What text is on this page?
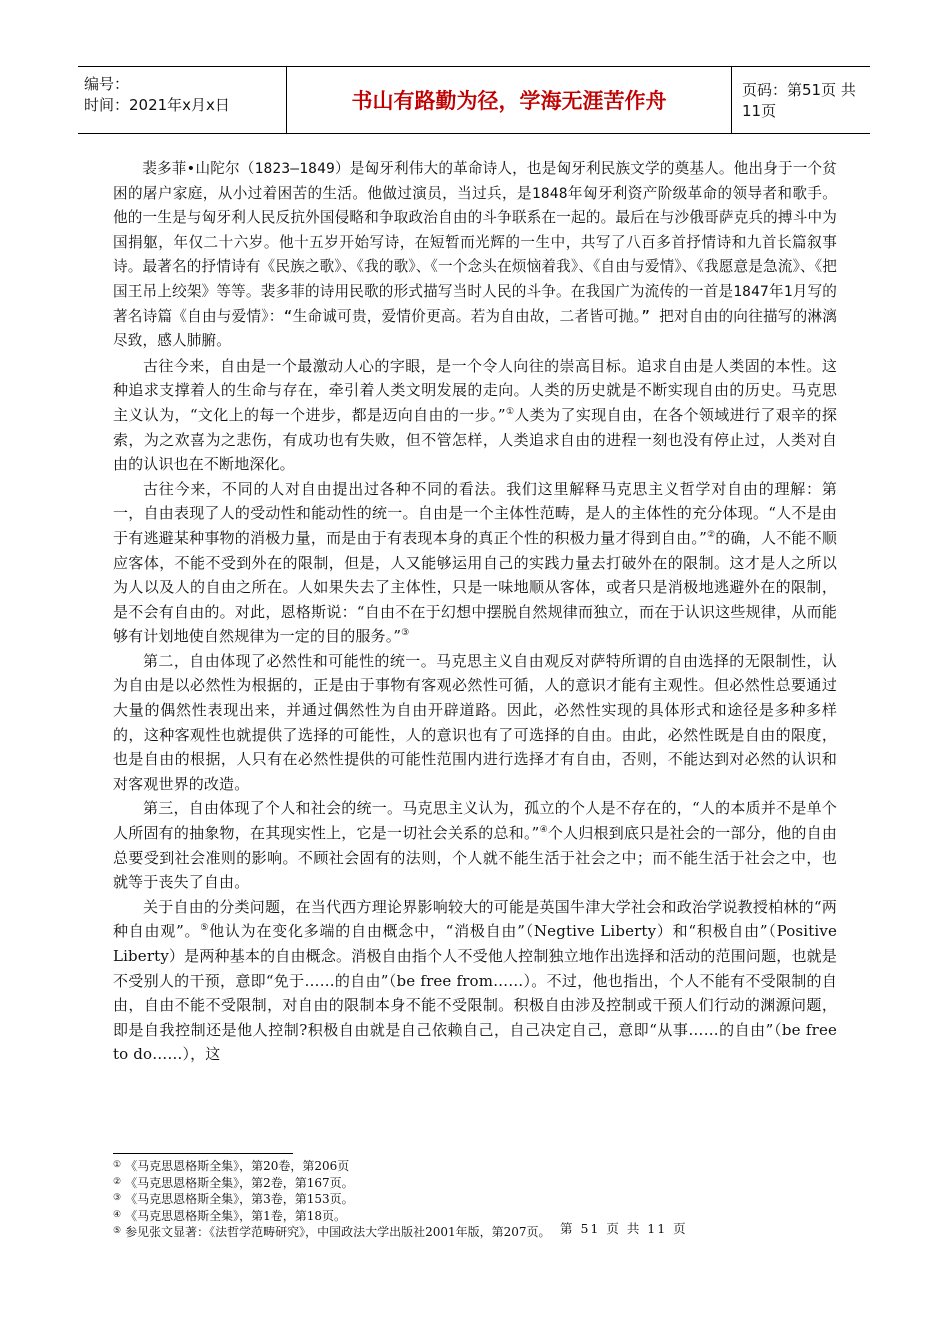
编号：
时间：2021年x月x日	书山有路勤为径，学海无涯苦作舟	页码：第51页 共11页

裴多菲•山陀尔（1823—1849）是匈牙利伟大的革命诗人，也是匈牙利民族文学的奠基人。他出身于一个贫困的屠户家庭，从小过着困苦的生活。他做过演员，当过兵，是1848年匈牙利资产阶级革命的领导者和歌手。他的一生是与匈牙利人民反抗外国侵略和争取政治自由的斗争联系在一起的。最后在与沙俄哥萨克兵的搏斗中为国捐躯，年仅二十六岁。他十五岁开始写诗，在短暂而光辉的一生中，共写了八百多首抒情诗和九首长篇叙事诗。最著名的抒情诗有《民族之歌》、《我的歌》、《一个念头在烦恼着我》、《自由与爱情》、《我愿意是急流》、《把国王吊上绞架》等等。裴多菲的诗用民歌的形式描写当时人民的斗争。在我国广为流传的一首是1847年1月写的著名诗篇《自由与爱情》：“生命诚可贵，爱情价更高。若为自由故，二者皆可抛。” 把对自由的向往描写的淋漓尽致，感人肺腑。

古往今来，自由是一个最激动人心的字眼，是一个令人向往的崇高目标。追求自由是人类固的本性。这种追求支撑着人的生命与存在，牵引着人类文明发展的走向。人类的历史就是不断实现自由的历史。马克思主义认为，“文化上的每一个进步，都是迈向自由的一步。”①人类为了实现自由，在各个领域进行了艰辛的探索，为之欢喜为之悲伤，有成功也有失败，但不管怎样，人类追求自由的进程一刻也没有停止过，人类对自由的认识也在不断地深化。

古往今来，不同的人对自由提出过各种不同的看法。我们这里解释马克思主义哲学对自由的理解：第一，自由表现了人的受动性和能动性的统一。自由是一个主体性范畴，是人的主体性的充分体现。“人不是由于有逃避某种事物的消极力量，而是由于有表现本身的真正个性的积极力量才得到自由。”②的确，人不能不顺应客体，不能不受到外在的限制，但是，人又能够运用自己的实践力量去打破外在的限制。这才是人之所以为人以及人的自由之所在。人如果失去了主体性，只是一味地顺从客体，或者只是消极地逃避外在的限制，是不会有自由的。对此，恩格斯说：“自由不在于幻想中摆脱自然规律而独立，而在于认识这些规律，从而能够有计划地使自然规律为一定的目的服务。”③

第二，自由体现了必然性和可能性的统一。马克思主义自由观反对萨特所谓的自由选择的无限制性，认为自由是以必然性为根据的，正是由于事物有客观必然性可循，人的意识才能有主观性。但必然性总要通过大量的偶然性表现出来，并通过偶然性为自由开辟道路。因此，必然性实现的具体形式和途径是多种多样的，这种客观性也就提供了选择的可能性，人的意识也有了可选择的自由。由此，必然性既是自由的限度，也是自由的根据，人只有在必然性提供的可能性范围内进行选择才有自由，否则，不能达到对必然的认识和对客观世界的改造。

第三，自由体现了个人和社会的统一。马克思主义认为，孤立的个人是不存在的，“人的本质并不是单个人所固有的抽象物，在其现实性上，它是一切社会关系的总和。”④个人归根到底只是社会的一部分，他的自由总要受到社会准则的影响。不顾社会固有的法则，个人就不能生活于社会之中；而不能生活于社会之中，也就等于丧失了自由。

关于自由的分类问题，在当代西方理论界影响较大的可能是英国牛津大学社会和政治学说教授柏林的“两种自由观”。⑤他认为在变化多端的自由概念中，“消极自由”（Negtive Liberty）和“积极自由”（Positive Liberty）是两种基本的自由概念。消极自由指个人不受他人控制独立地作出选择和活动的范围问题，也就是不受别人的干预，意即“免于……的自由”（be free from……）。不过，他也指出，个人不能有不受限制的自由，自由不能不受限制，对自由的限制本身不能不受限制。积极自由涉及控制或干预人们行动的渊源问题，即是自我控制还是他人控制?积极自由就是自己依赖自己，自己决定自己，意即“从事……的自由”（be free to do……），这

① 《马克思恩格斯全集》，第20卷，第206页
② 《马克思恩格斯全集》，第2卷，第167页。
③ 《马克思恩格斯全集》，第3卷，第153页。
④ 《马克思恩格斯全集》，第1卷，第18页。
⑤ 参见张文显著：《法哲学范畴研究》，中国政法大学出版社2001年版，第207页。 第 51 页 共 11 页
